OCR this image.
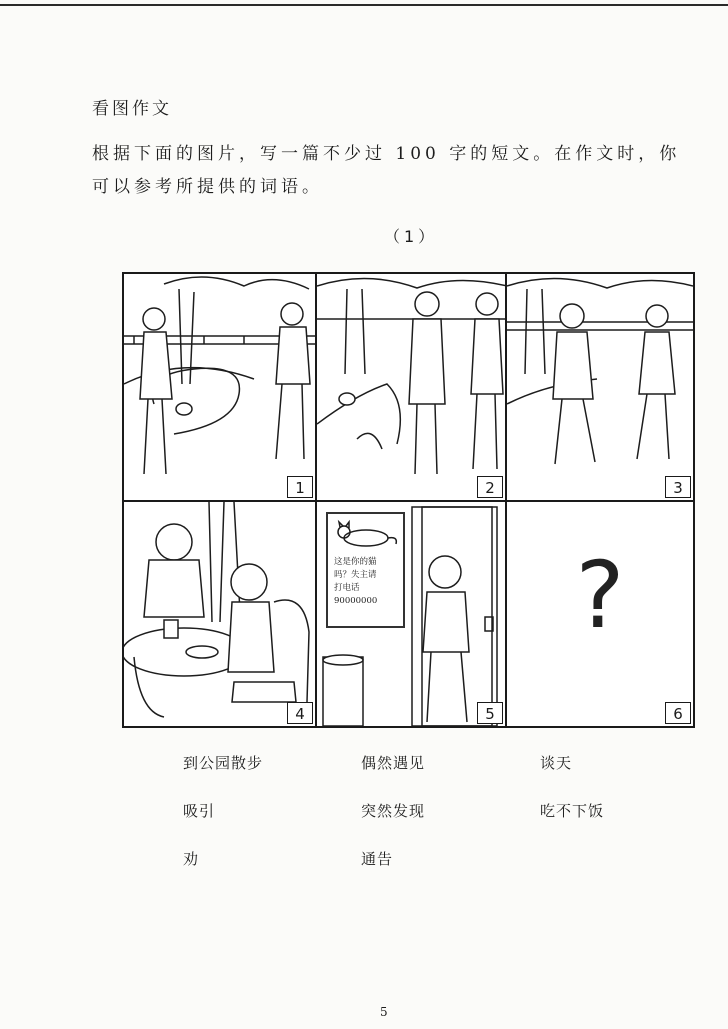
看图作文
根据下面的图片，写一篇不少过 100 字的短文。在作文时，你
可以参考所提供的词语。
（1）
1	2	3
4
这是你的猫
吗？失主请
打电话
90000000
5
?
6
到公园散步	偶然遇见	谈天
吸引	突然发现	吃不下饭
劝	通告
5
